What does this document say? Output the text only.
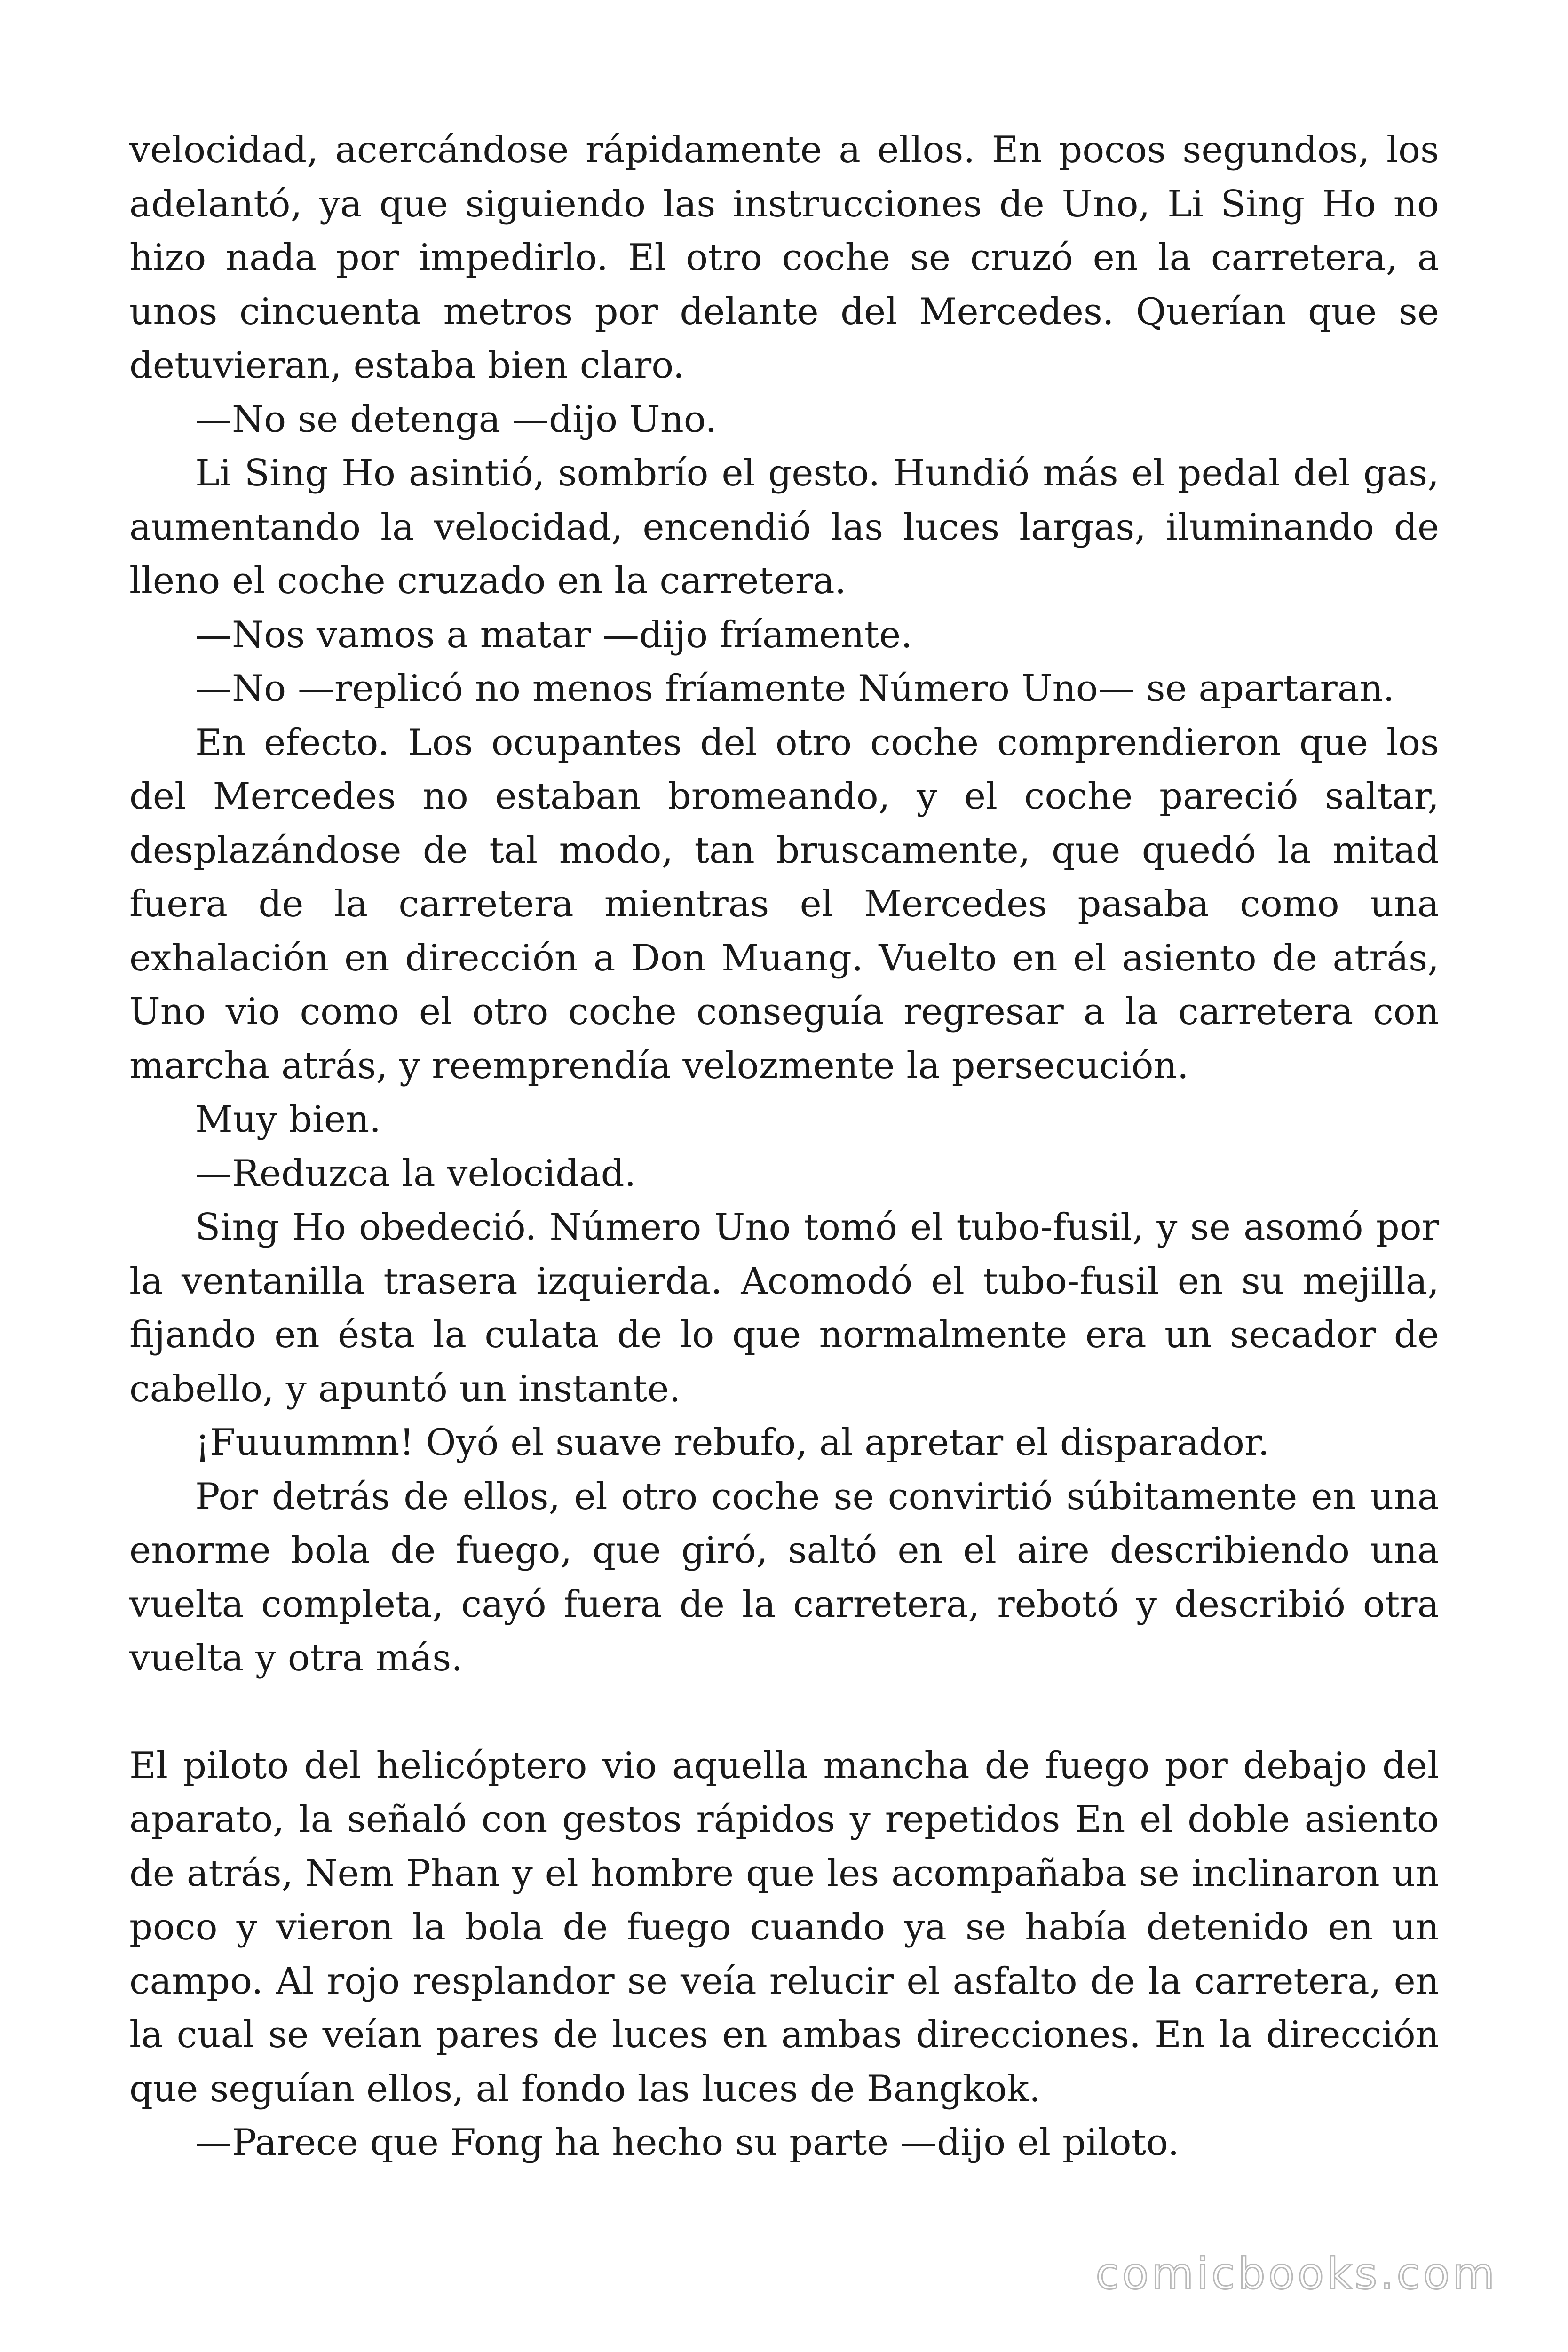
velocidad, acercándose rápidamente a ellos. En pocos segundos, los adelantó, ya que siguiendo las instrucciones de Uno, Li Sing Ho no hizo nada por impedirlo. El otro coche se cruzó en la carretera, a unos cincuenta metros por delante del Mercedes. Querían que se detuvieran, estaba bien claro.

—No se detenga —dijo Uno.

Li Sing Ho asintió, sombrío el gesto. Hundió más el pedal del gas, aumentando la velocidad, encendió las luces largas, iluminando de lleno el coche cruzado en la carretera.

—Nos vamos a matar —dijo fríamente.

—No —replicó no menos fríamente Número Uno— se apartaran.

En efecto. Los ocupantes del otro coche comprendieron que los del Mercedes no estaban bromeando, y el coche pareció saltar, desplazándose de tal modo, tan bruscamente, que quedó la mitad fuera de la carretera mientras el Mercedes pasaba como una exhalación en dirección a Don Muang. Vuelto en el asiento de atrás, Uno vio como el otro coche conseguía regresar a la carretera con marcha atrás, y reemprendía velozmente la persecución.

Muy bien.

—Reduzca la velocidad.

Sing Ho obedeció. Número Uno tomó el tubo-fusil, y se asomó por la ventanilla trasera izquierda. Acomodó el tubo-fusil en su mejilla, fijando en ésta la culata de lo que normalmente era un secador de cabello, y apuntó un instante.

¡Fuuummn! Oyó el suave rebufo, al apretar el disparador.

Por detrás de ellos, el otro coche se convirtió súbitamente en una enorme bola de fuego, que giró, saltó en el aire describiendo una vuelta completa, cayó fuera de la carretera, rebotó y describió otra vuelta y otra más.

El piloto del helicóptero vio aquella mancha de fuego por debajo del aparato, la señaló con gestos rápidos y repetidos En el doble asiento de atrás, Nem Phan y el hombre que les acompañaba se inclinaron un poco y vieron la bola de fuego cuando ya se había detenido en un campo. Al rojo resplandor se veía relucir el asfalto de la carretera, en la cual se veían pares de luces en ambas direcciones. En la dirección que seguían ellos, al fondo las luces de Bangkok.

—Parece que Fong ha hecho su parte —dijo el piloto.

comicbooks.com
